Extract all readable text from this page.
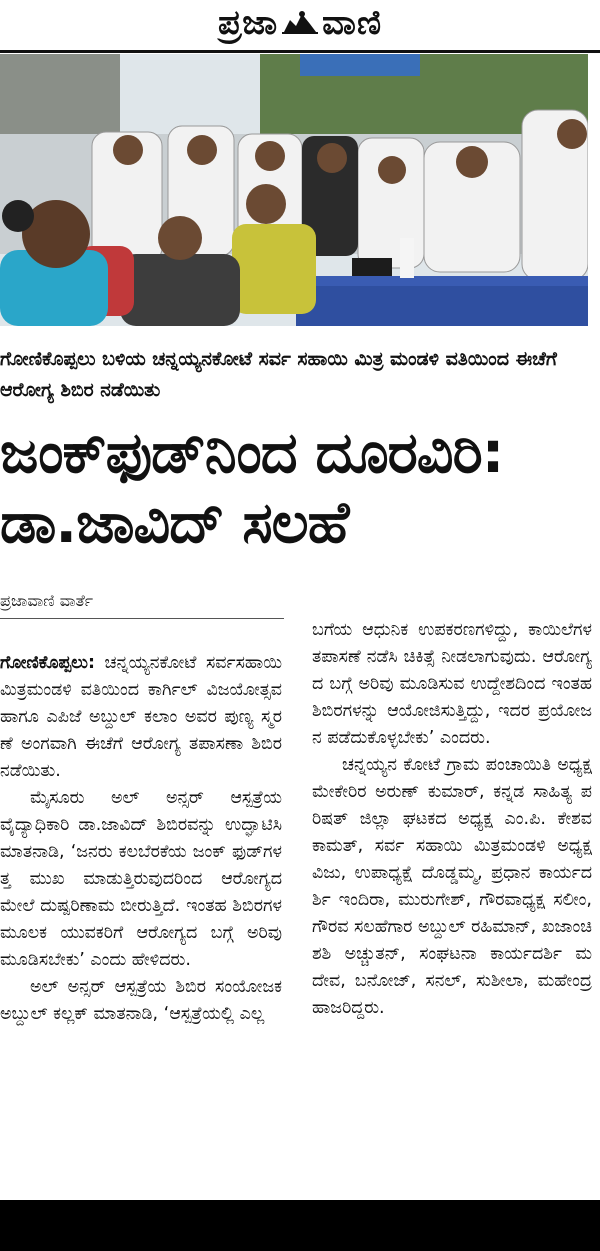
ಪ್ರಜಾ ವಾಣಿ
ಗೋಣಿಕೊಪ್ಪಲು ಬಳಿಯ ಚನ್ನಯ್ಯನಕೋಟೆ ಸರ್ವ ಸಹಾಯಿ ಮಿತ್ರ ಮಂಡಳಿ ವತಿಯಿಂದ ಈಚೆಗೆ ಆರೋಗ್ಯ ಶಿಬಿರ ನಡೆಯಿತು
ಜಂಕ್‌ಫುಡ್‌ನಿಂದ ದೂರವಿರಿ:
ಡಾ.ಜಾವಿದ್ ಸಲಹೆ
ಪ್ರಜಾವಾಣಿ ವಾರ್ತೆ

ಗೋಣಿಕೊಪ್ಪಲು: ಚನ್ನಯ್ಯನಕೋಟೆ ಸರ್ವಸಹಾಯಿ ಮಿತ್ರಮಂಡಳಿ ವತಿಯಿಂದ ಕಾರ್ಗಿಲ್ ವಿಜಯೋತ್ಸವ ಹಾಗೂ ಎಪಿಜೆ ಅಬ್ದುಲ್ ಕಲಾಂ ಅವರ ಪುಣ್ಯ ಸ್ಮರಣೆ ಅಂಗವಾಗಿ ಈಚೆಗೆ ಆರೋಗ್ಯ ತಪಾಸಣಾ ಶಿಬಿರ ನಡೆಯಿತು.

ಮೈಸೂರು ಅಲ್ ಅನ್ಸರ್ ಆಸ್ಪತ್ರೆಯ ವೈದ್ಯಾಧಿಕಾರಿ ಡಾ.ಜಾವಿದ್ ಶಿಬಿರವನ್ನು ಉದ್ಘಾಟಿಸಿ ಮಾತನಾಡಿ, ‘ಜನರು ಕಲಬೆರಕೆಯ ಜಂಕ್ ಫುಡ್‌ಗಳತ್ತ ಮುಖ ಮಾಡುತ್ತಿರುವುದರಿಂದ ಆರೋಗ್ಯದ ಮೇಲೆ ದುಷ್ಪರಿಣಾಮ ಬೀರುತ್ತಿದೆ. ಇಂತಹ ಶಿಬಿರಗಳ ಮೂಲಕ ಯುವಕರಿಗೆ ಆರೋಗ್ಯದ ಬಗ್ಗೆ ಅರಿವು ಮೂಡಿಸಬೇಕು’ ಎಂದು ಹೇಳಿದರು.

ಅಲ್ ಅನ್ಸರ್ ಆಸ್ಪತ್ರೆಯ ಶಿಬಿರ ಸಂಯೋಜಕ ಅಬ್ದುಲ್ ಕಲ್ಲಕ್ ಮಾತನಾಡಿ, ‘ಆಸ್ಪತ್ರೆಯಲ್ಲಿ ಎಲ್ಲ

ಬಗೆಯ ಆಧುನಿಕ ಉಪಕರಣಗಳಿದ್ದು, ಕಾಯಿಲೆಗಳ ತಪಾಸಣೆ ನಡೆಸಿ ಚಿಕಿತ್ಸೆ ನೀಡಲಾಗುವುದು. ಆರೋಗ್ಯದ ಬಗ್ಗೆ ಅರಿವು ಮೂಡಿಸುವ ಉದ್ದೇಶದಿಂದ ಇಂತಹ ಶಿಬಿರಗಳನ್ನು ಆಯೋಜಿಸುತ್ತಿದ್ದು, ಇದರ ಪ್ರಯೋಜನ ಪಡೆದುಕೊಳ್ಳಬೇಕು’ ಎಂದರು.

ಚನ್ನಯ್ಯನ ಕೋಟೆ ಗ್ರಾಮ ಪಂಚಾಯಿತಿ ಅಧ್ಯಕ್ಷ ಮೇಕೇರಿರ ಅರುಣ್ ಕುಮಾರ್, ಕನ್ನಡ ಸಾಹಿತ್ಯ ಪರಿಷತ್ ಜಿಲ್ಲಾ ಘಟಕದ ಅಧ್ಯಕ್ಷ ಎಂ.ಪಿ. ಕೇಶವಕಾಮತ್, ಸರ್ವ ಸಹಾಯಿ ಮಿತ್ರಮಂಡಳಿ ಅಧ್ಯಕ್ಷ ವಿಜು, ಉಪಾಧ್ಯಕ್ಷೆ ದೊಡ್ಡಮ್ಮ, ಪ್ರಧಾನ ಕಾರ್ಯದರ್ಶಿ ಇಂದಿರಾ, ಮುರುಗೇಶ್, ಗೌರವಾಧ್ಯಕ್ಷ ಸಲೀಂ, ಗೌರವ ಸಲಹೆಗಾರ ಅಬ್ದುಲ್ ರಹಿಮಾನ್, ಖಜಾಂಚಿ ಶಶಿ ಅಚ್ಚುತನ್, ಸಂಘಟನಾ ಕಾರ್ಯದರ್ಶಿ ಮದೇವ, ಬನೋಜ್, ಸನಲ್, ಸುಶೀಲಾ, ಮಹೇಂದ್ರ ಹಾಜರಿದ್ದರು.
